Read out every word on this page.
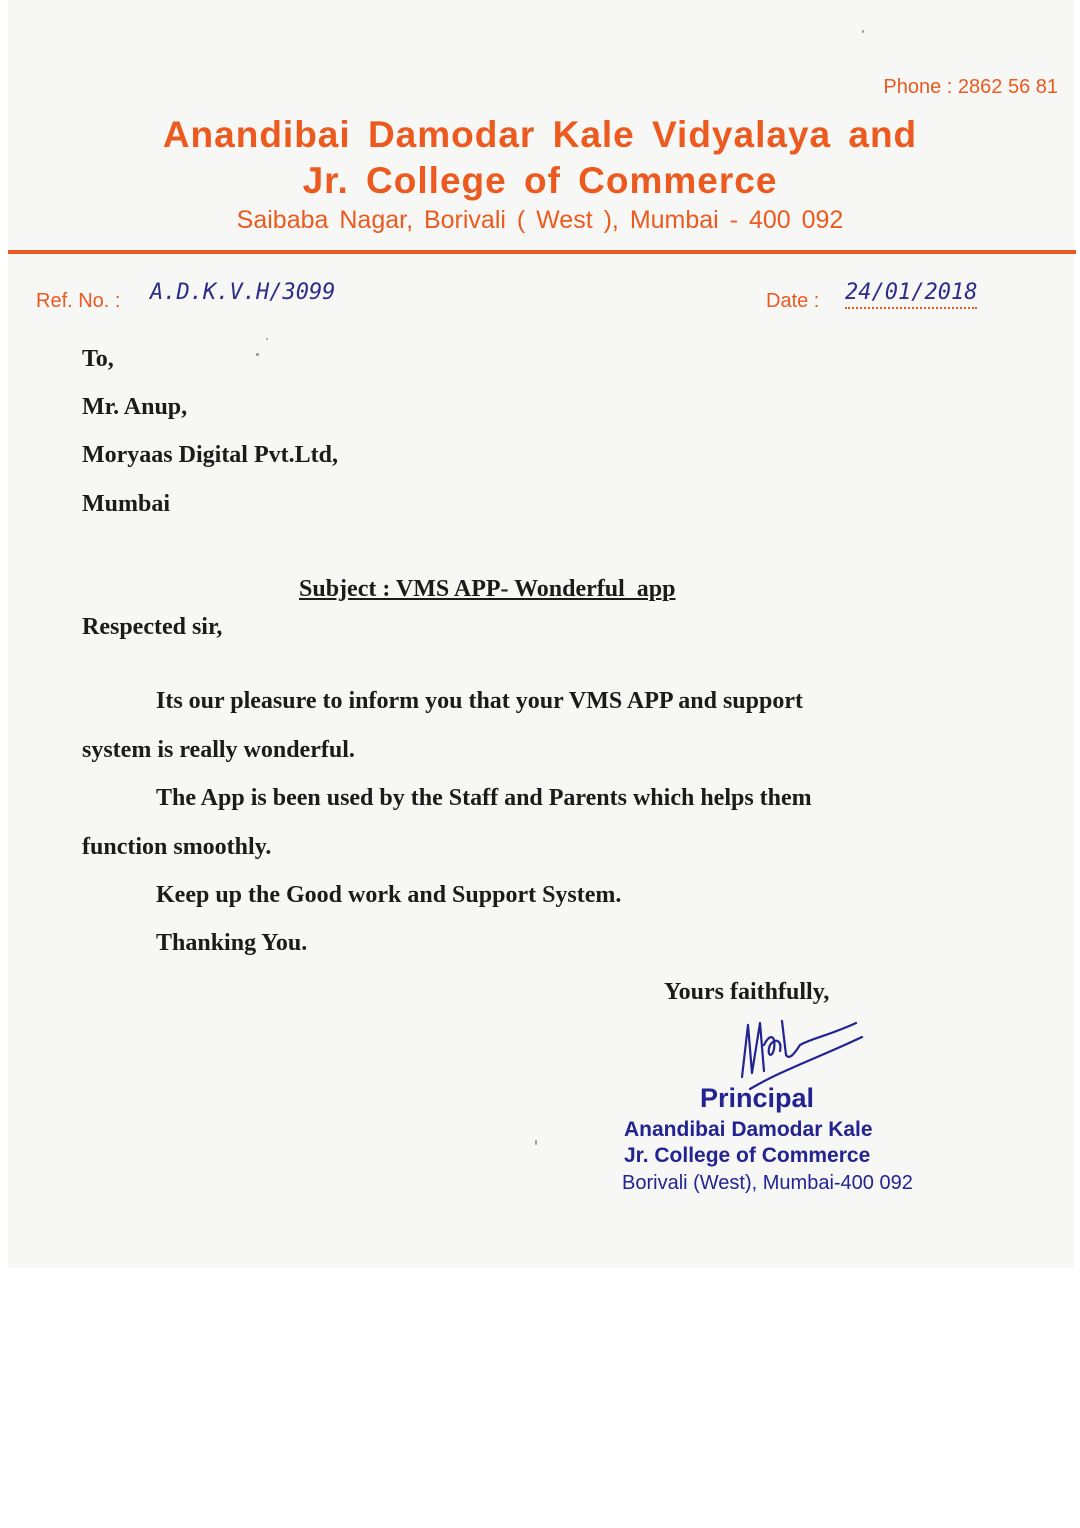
Phone : 2862 56 81
Anandibai Damodar Kale Vidyalaya and
Jr. College of Commerce
Saibaba Nagar, Borivali ( West ), Mumbai - 400 092
Ref. No. : A.D.K.V.H/3099	Date : 24/01/2018
To,
Mr. Anup,
Moryaas Digital Pvt.Ltd,
Mumbai
Subject : VMS APP- Wonderful  app
Respected sir,
Its our pleasure to inform you that your VMS APP and support
system is really wonderful.
The App is been used by the Staff and Parents which helps them
function smoothly.
Keep up the Good work and Support System.
Thanking You.
Yours faithfully,
Principal
Anandibai Damodar Kale
Jr. College of Commerce
Borivali (West), Mumbai-400 092
